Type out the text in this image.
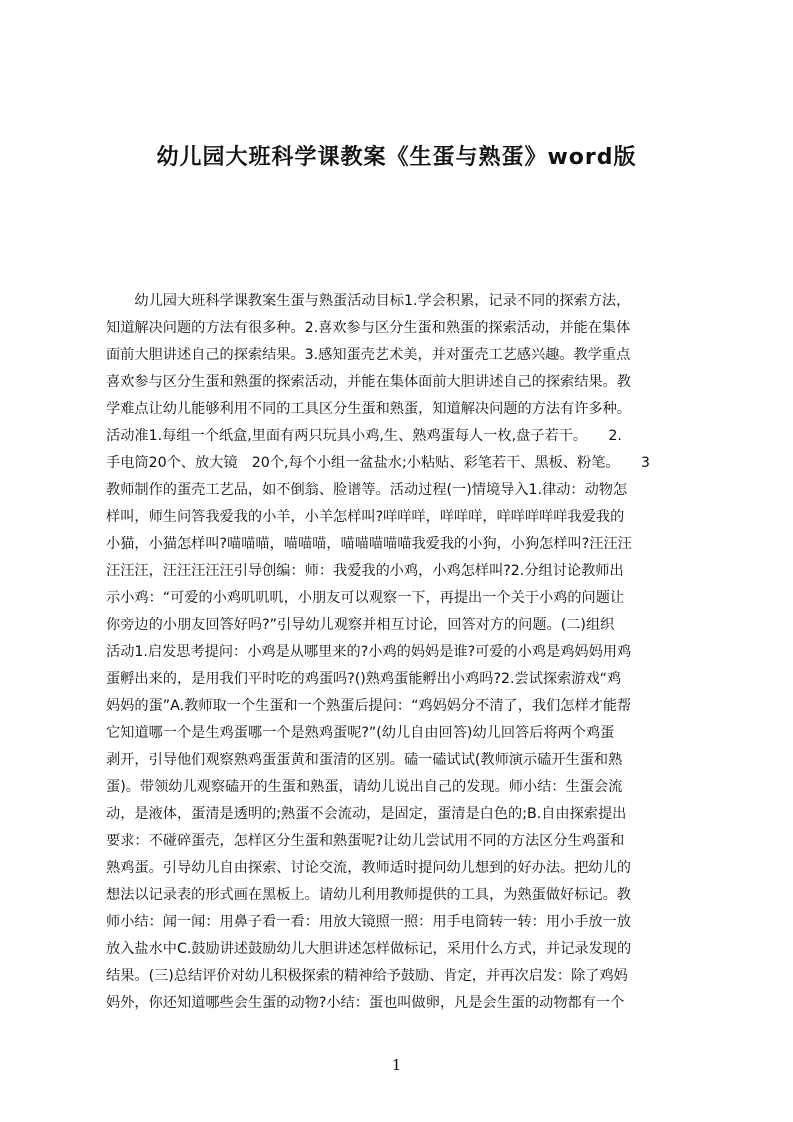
幼儿园大班科学课教案《生蛋与熟蛋》word版
　　幼儿园大班科学课教案生蛋与熟蛋活动目标1.学会积累，记录不同的探索方法，
知道解决问题的方法有很多种。2.喜欢参与区分生蛋和熟蛋的探索活动，并能在集体
面前大胆讲述自己的探索结果。3.感知蛋壳艺术美，并对蛋壳工艺感兴趣。教学重点
喜欢参与区分生蛋和熟蛋的探索活动，并能在集体面前大胆讲述自己的探索结果。教
学难点让幼儿能够利用不同的工具区分生蛋和熟蛋，知道解决问题的方法有许多种。
活动准1.每组一个纸盒,里面有两只玩具小鸡,生、熟鸡蛋每人一枚,盘子若干。　　2.
手电筒20个、放大镜　20个,每个小组一盆盐水;小粘贴、彩笔若干、黑板、粉笔。　　3
教师制作的蛋壳工艺品，如不倒翁、脸谱等。活动过程(一)情境导入1.律动：动物怎
样叫，师生问答我爱我的小羊，小羊怎样叫?咩咩咩，咩咩咩，咩咩咩咩咩我爱我的
小猫，小猫怎样叫?喵喵喵，喵喵喵，喵喵喵喵喵我爱我的小狗，小狗怎样叫?汪汪汪
汪汪汪，汪汪汪汪汪引导创编：师：我爱我的小鸡，小鸡怎样叫?2.分组讨论教师出
示小鸡：“可爱的小鸡叽叽叽，小朋友可以观察一下，再提出一个关于小鸡的问题让
你旁边的小朋友回答好吗?”引导幼儿观察并相互讨论，回答对方的问题。(二)组织
活动1.启发思考提问：小鸡是从哪里来的?小鸡的妈妈是谁?可爱的小鸡是鸡妈妈用鸡
蛋孵出来的，是用我们平时吃的鸡蛋吗?()熟鸡蛋能孵出小鸡吗?2.尝试探索游戏“鸡
妈妈的蛋”A.教师取一个生蛋和一个熟蛋后提问：“鸡妈妈分不清了，我们怎样才能帮
它知道哪一个是生鸡蛋哪一个是熟鸡蛋呢?”(幼儿自由回答)幼儿回答后将两个鸡蛋
剥开，引导他们观察熟鸡蛋蛋黄和蛋清的区别。磕一磕试试(教师演示磕开生蛋和熟
蛋)。带领幼儿观察磕开的生蛋和熟蛋，请幼儿说出自己的发现。师小结：生蛋会流
动，是液体，蛋清是透明的;熟蛋不会流动，是固定，蛋清是白色的;B.自由探索提出
要求：不碰碎蛋壳，怎样区分生蛋和熟蛋呢?让幼儿尝试用不同的方法区分生鸡蛋和
熟鸡蛋。引导幼儿自由探索、讨论交流，教师适时提问幼儿想到的好办法。把幼儿的
想法以记录表的形式画在黑板上。请幼儿利用教师提供的工具，为熟蛋做好标记。教
师小结：闻一闻：用鼻子看一看：用放大镜照一照：用手电筒转一转：用小手放一放
放入盐水中C.鼓励讲述鼓励幼儿大胆讲述怎样做标记，采用什么方式，并记录发现的
结果。(三)总结评价对幼儿积极探索的精神给予鼓励、肯定，并再次启发：除了鸡妈
妈外，你还知道哪些会生蛋的动物?小结：蛋也叫做卵，凡是会生蛋的动物都有一个
1
